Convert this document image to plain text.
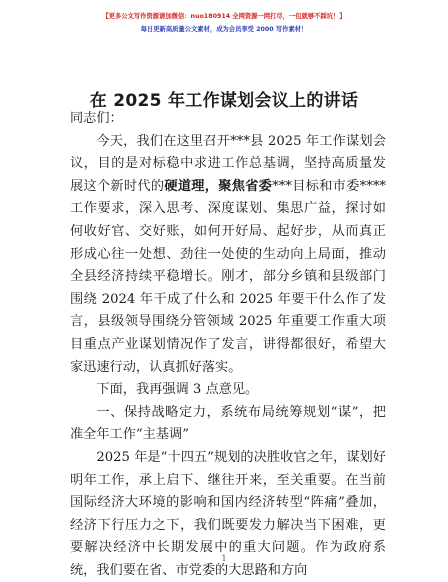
【更多公文写作资源请加微信：nuo180914 全网资源一网打尽，一包就够不踩坑！】
每日更新高质量公文素材，成为会员享受 2000 写作素材！
在 2025 年工作谋划会议上的讲话

同志们：

今天，我们在这里召开***县 2025 年工作谋划会议，目的是对标稳中求进工作总基调，坚持高质量发展这个新时代的硬道理，聚焦省委***目标和市委****工作要求，深入思考、深度谋划、集思广益，探讨如何收好官、交好账，如何开好局、起好步，从而真正形成心往一处想、劲往一处使的生动向上局面，推动全县经济持续平稳增长。刚才，部分乡镇和县级部门围绕 2024 年干成了什么和 2025 年要干什么作了发言，县级领导围绕分管领域 2025 年重要工作重大项目重点产业谋划情况作了发言，讲得都很好，希望大家迅速行动，认真抓好落实。

下面，我再强调 3 点意见。

一、保持战略定力，系统布局统筹规划“谋”，把准全年工作“主基调”

2025 年是“十四五”规划的决胜收官之年，谋划好明年工作，承上启下、继往开来，至关重要。在当前国际经济大环境的影响和国内经济转型“阵痛”叠加，经济下行压力之下，我们既要发力解决当下困难，更要解决经济中长期发展中的重大问题。作为政府系统，我们要在省、市党委的大思路和方向

1
